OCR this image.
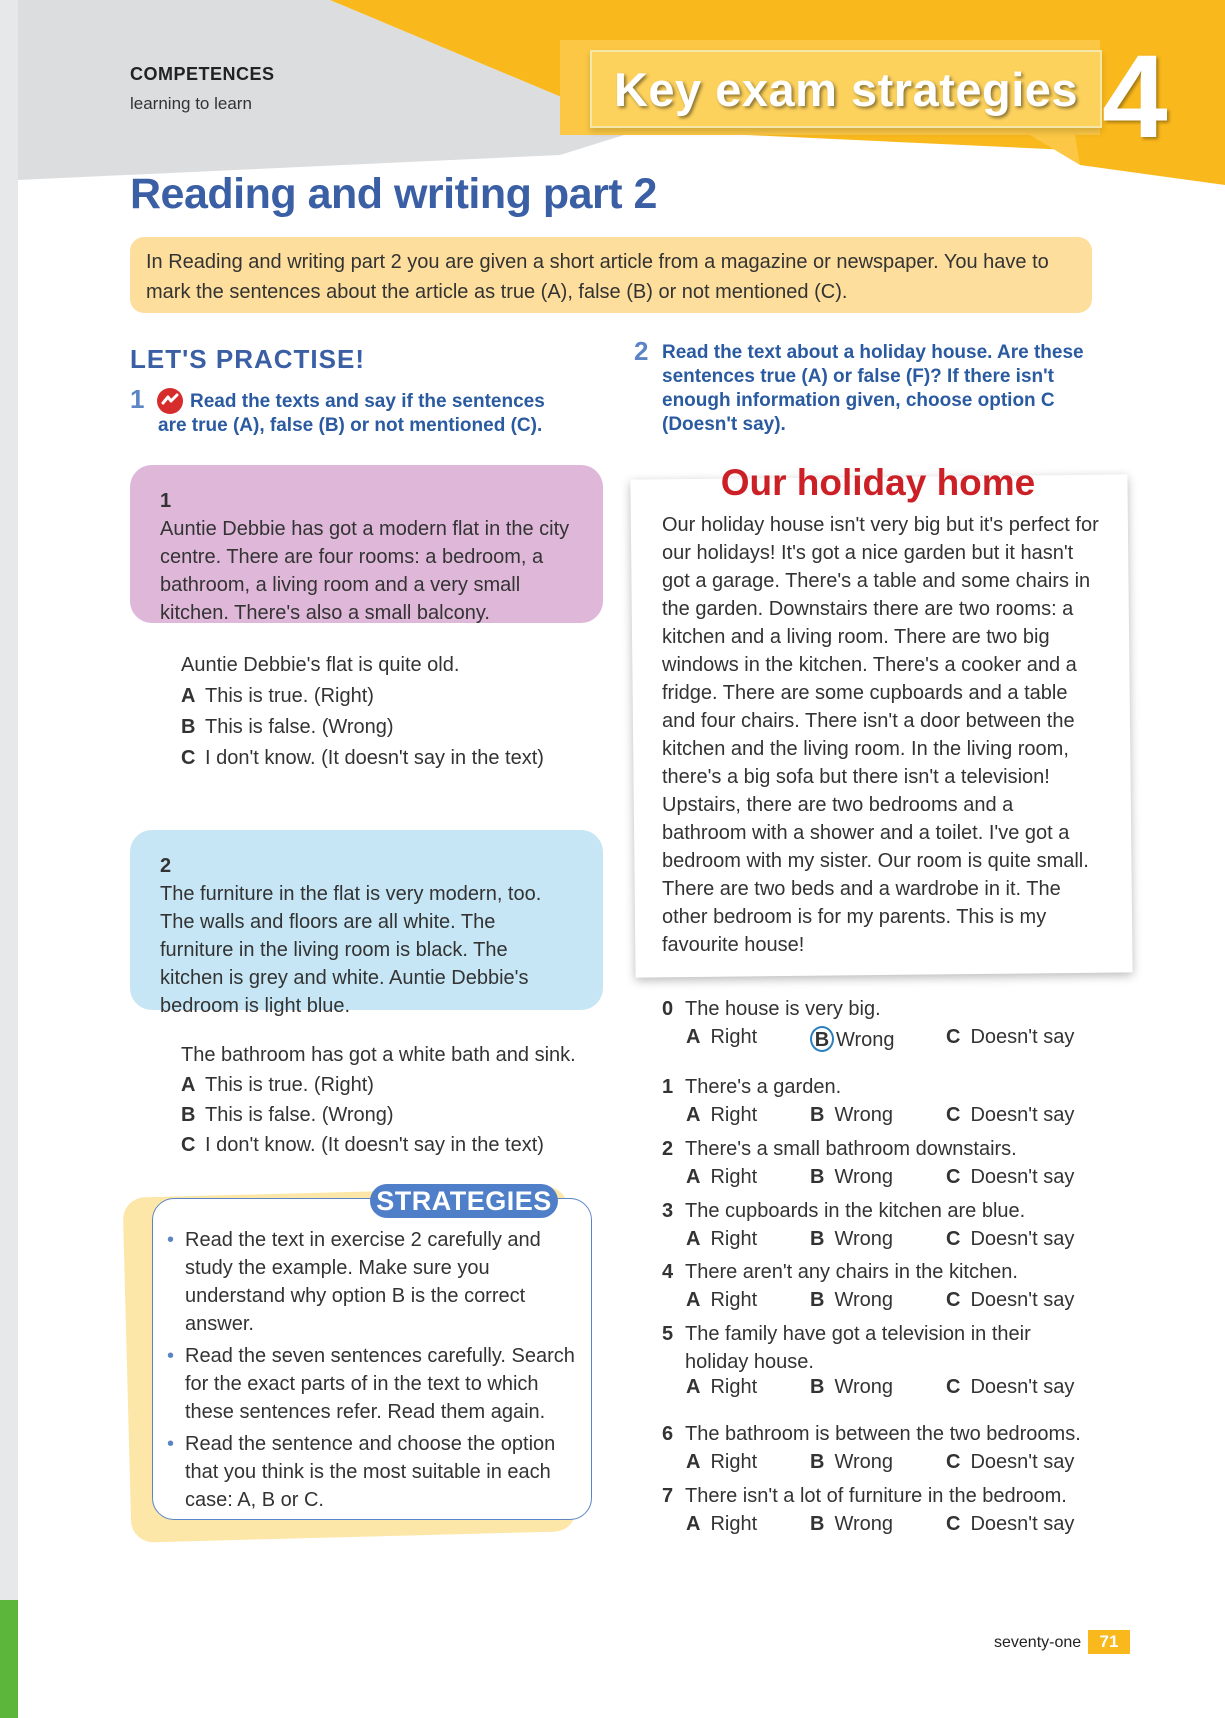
COMPETENCES
learning to learn	Key exam strategies 4
Reading and writing part 2
In Reading and writing part 2 you are given a short article from a magazine or newspaper. You have to mark the sentences about the article as true (A), false (B) or not mentioned (C).
LET'S PRACTISE!
1	Read the texts and say if the sentences are true (A), false (B) or not mentioned (C).
1Auntie Debbie has got a modern flat in the city centre. There are four rooms: a bedroom, a bathroom, a living room and a very small kitchen. There's also a small balcony.
Auntie Debbie's flat is quite old.
A This is true. (Right)
B This is false. (Wrong)
C I don't know. (It doesn't say in the text)
2The furniture in the flat is very modern, too. The walls and floors are all white. The furniture in the living room is black. The kitchen is grey and white. Auntie Debbie's bedroom is light blue.
The bathroom has got a white bath and sink.
A This is true. (Right)
B This is false. (Wrong)
C I don't know. (It doesn't say in the text)
STRATEGIES
• Read the text in exercise 2 carefully and study the example. Make sure you understand why option B is the correct answer.
• Read the seven sentences carefully. Search for the exact parts of in the text to which these sentences refer. Read them again.
• Read the sentence and choose the option that you think is the most suitable in each case: A, B or C.
2 Read the text about a holiday house. Are these sentences true (A) or false (F)? If there isn't enough information given, choose option C (Doesn't say).
Our holiday home
Our holiday house isn't very big but it's perfect for our holidays! It's got a nice garden but it hasn't got a garage. There's a table and some chairs in the garden. Downstairs there are two rooms: a kitchen and a living room. There are two big windows in the kitchen. There's a cooker and a fridge. There are some cupboards and a table and four chairs. There isn't a door between the kitchen and the living room. In the living room, there's a big sofa but there isn't a television! Upstairs, there are two bedrooms and a bathroom with a shower and a toilet. I've got a bedroom with my sister. Our room is quite small. There are two beds and a wardrobe in it. The other bedroom is for my parents. This is my favourite house!
0 The house is very big.
A Right	B Wrong	C Doesn't say
1 There's a garden.
A Right	B Wrong	C Doesn't say
2 There's a small bathroom downstairs.
A Right	B Wrong	C Doesn't say
3 The cupboards in the kitchen are blue.
A Right	B Wrong	C Doesn't say
4 There aren't any chairs in the kitchen.
A Right	B Wrong	C Doesn't say
5 The family have got a television in their holiday house.
A Right	B Wrong	C Doesn't say
6 The bathroom is between the two bedrooms.
A Right	B Wrong	C Doesn't say
7 There isn't a lot of furniture in the bedroom.
A Right	B Wrong	C Doesn't say
seventy-one	71
